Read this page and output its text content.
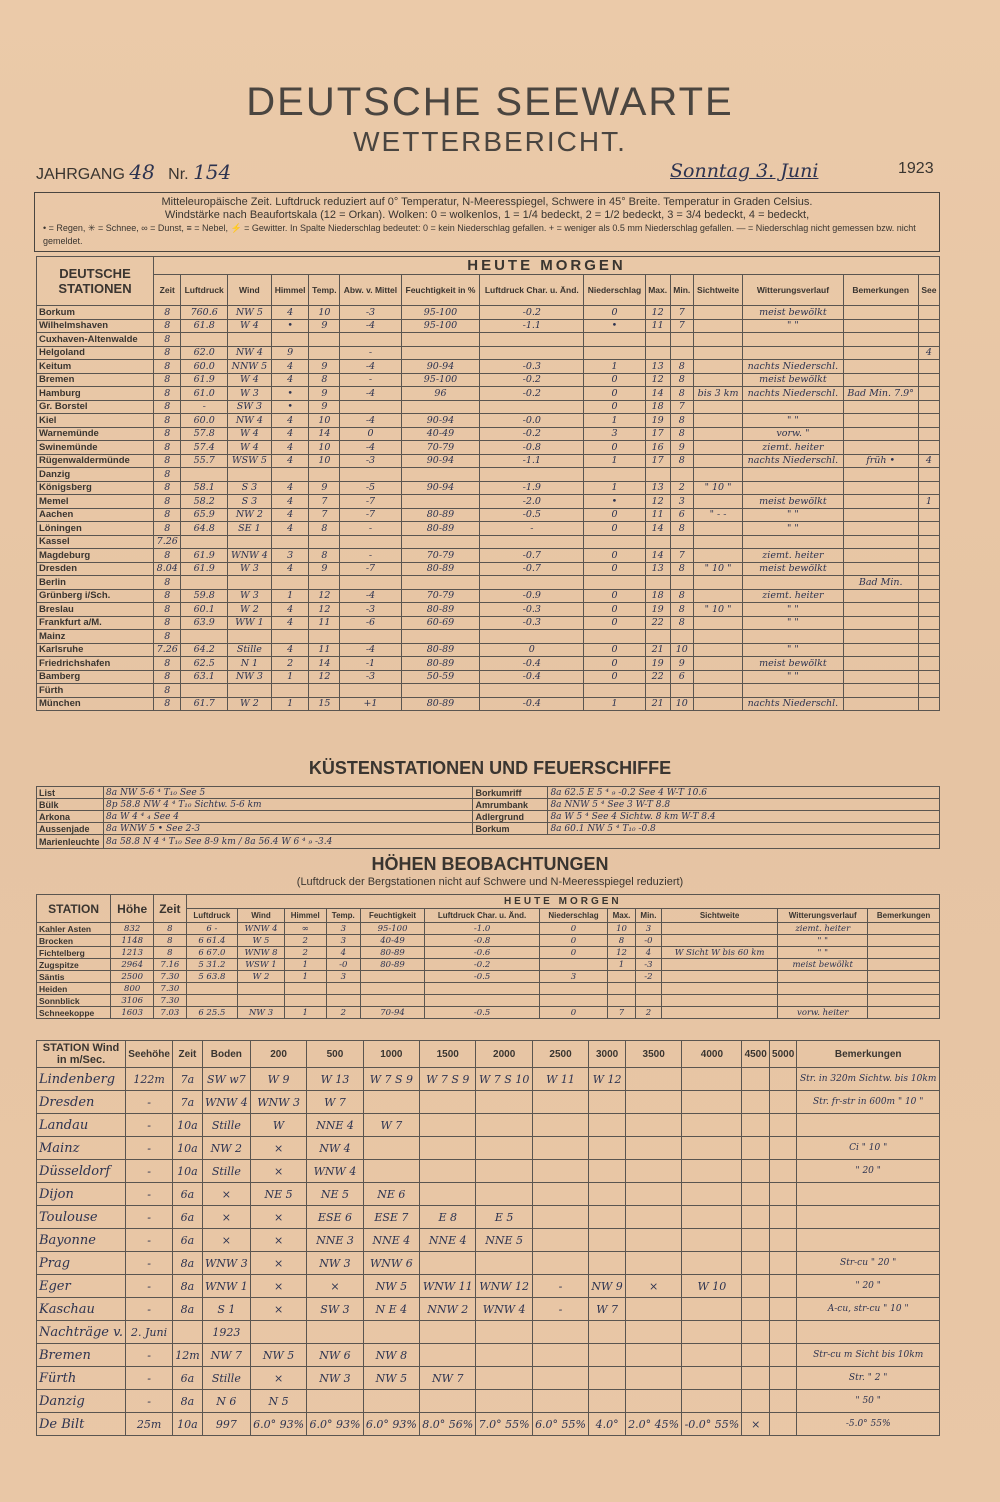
DEUTSCHE SEEWARTE
WETTERBERICHT.
JAHRGANG 48 Nr. 154	Sonntag 3. Juni	1923
Mitteleuropäische Zeit. Luftdruck reduziert auf 0° Temperatur, N-Meeresspiegel, Schwere in 45° Breite. Temperatur in Graden Celsius.
Windstärke nach Beaufortskala (12 = Orkan). Wolken: 0 = wolkenlos, 1 = 1/4 bedeckt, 2 = 1/2 bedeckt, 3 = 3/4 bedeckt, 4 = bedeckt,
• = Regen, ✳ = Schnee, ∞ = Dunst, ≡ = Nebel, ⚡ = Gewitter. In Spalte Niederschlag bedeutet: 0 = kein Niederschlag gefallen. + = weniger als 0.5 mm Niederschlag gefallen. — = Niederschlag nicht gemessen bzw. nicht gemeldet.
DEUTSCHE STATIONEN	HEUTE MORGEN														
	Zeit	Luftdruck	Wind	Himmel	Temp.	Abw. v. Mittel	Feuchtigkeit in %	Luftdruck Char. u. Änd.	Niederschlag	Max.	Min.	Sichtweite	Witterungsverlauf	Bemerkungen	See
Borkum	8	760.6	NW 5	4	10	-3	95-100	-0.2	0	12	7		meist bewölkt		
Wilhelmshaven	8	61.8	W 4	•	9	-4	95-100	-1.1	•	11	7		" "		
Cuxhaven-Altenwalde	8														
Helgoland	8	62.0	NW 4	9		-									4
Keitum	8	60.0	NNW 5	4	9	-4	90-94	-0.3	1	13	8		nachts Niederschl.		
Bremen	8	61.9	W 4	4	8	-	95-100	-0.2	0	12	8		meist bewölkt		
Hamburg	8	61.0	W 3	•	9	-4	96	-0.2	0	14	8	bis 3 km	nachts Niederschl.	Bad Min. 7.9°	
Gr. Borstel	8	-	SW 3	•	9				0	18	7				
Kiel	8	60.0	NW 4	4	10	-4	90-94	-0.0	1	19	8		" "		
Warnemünde	8	57.8	W 4	4	14	0	40-49	-0.2	3	17	8		vorw. "		
Swinemünde	8	57.4	W 4	4	10	-4	70-79	-0.8	0	16	9		ziemt. heiter		
Rügenwaldermünde	8	55.7	WSW 5	4	10	-3	90-94	-1.1	1	17	8		nachts Niederschl.	früh •	4
Danzig	8														
Königsberg	8	58.1	S 3	4	9	-5	90-94	-1.9	1	13	2	" 10 "			
Memel	8	58.2	S 3	4	7	-7		-2.0	•	12	3		meist bewölkt		1
Aachen	8	65.9	NW 2	4	7	-7	80-89	-0.5	0	11	6	" - -	" "		
Löningen	8	64.8	SE 1	4	8	-	80-89	-	0	14	8		" "		
Kassel	7.26														
Magdeburg	8	61.9	WNW 4	3	8	-	70-79	-0.7	0	14	7		ziemt. heiter		
Dresden	8.04	61.9	W 3	4	9	-7	80-89	-0.7	0	13	8	" 10 "	meist bewölkt		
Berlin	8													Bad Min.	
Grünberg i/Sch.	8	59.8	W 3	1	12	-4	70-79	-0.9	0	18	8		ziemt. heiter		
Breslau	8	60.1	W 2	4	12	-3	80-89	-0.3	0	19	8	" 10 "	" "		
Frankfurt a/M.	8	63.9	WW 1	4	11	-6	60-69	-0.3	0	22	8		" "		
Mainz	8														
Karlsruhe	7.26	64.2	Stille	4	11	-4	80-89	0	0	21	10		" "		
Friedrichshafen	8	62.5	N 1	2	14	-1	80-89	-0.4	0	19	9		meist bewölkt		
Bamberg	8	63.1	NW 3	1	12	-3	50-59	-0.4	0	22	6		" "		
Fürth	8														
München	8	61.7	W 2	1	15	+1	80-89	-0.4	1	21	10		nachts Niederschl.		
KÜSTENSTATIONEN UND FEUERSCHIFFE
List	8a NW 5-6 ⁴ T₁₀ See 5	Borkumriff	8a 62.5 E 5 ⁴ ₉ -0.2 See 4 W-T 10.6
Bülk	8p 58.8 NW 4 ⁴ T₁₀ Sichtw. 5-6 km	Amrumbank	8a NNW 5 ⁴ See 3 W-T 8.8
Arkona	8a W 4 ⁴ ₄ See 4	Adlergrund	8a W 5 ⁴ See 4 Sichtw. 8 km W-T 8.4
Aussenjade	8a WNW 5 • See 2-3	Borkum	8a 60.1 NW 5 ⁴ T₁₀ -0.8
Marienleuchte	8a 58.8 N 4 ⁴ T₁₀ See 8-9 km / 8a 56.4 W 6 ⁴ ₉ -3.4		
HÖHEN BEOBACHTUNGEN
(Luftdruck der Bergstationen nicht auf Schwere und N-Meeresspiegel reduziert)
STATION	Höhe	Zeit	HEUTE MORGEN											
			Luftdruck	Wind	Himmel	Temp.	Feuchtigkeit	Luftdruck Char. u. Änd.	Niederschlag	Max.	Min.	Sichtweite	Witterungsverlauf	Bemerkungen
Kahler Asten	832	8	6 -	WNW 4	∞	3	95-100	-1.0	0	10	3		ziemt. heiter	
Brocken	1148	8	6 61.4	W 5	2	3	40-49	-0.8	0	8	-0		" "	
Fichtelberg	1213	8	6 67.0	WNW 8	2	4	80-89	-0.6	0	12	4	W Sicht W bis 60 km	" "	
Zugspitze	2964	7.16	5 31.2	WSW 1	1	-0	80-89	-0.2		1	-3		meist bewölkt	
Säntis	2500	7.30	5 63.8	W 2	1	3		-0.5	3		-2			
Heiden	800	7.30												
Sonnblick	3106	7.30												
Schneekoppe	1603	7.03	6 25.5	NW 3	1	2	70-94	-0.5	0	7	2		vorw. heiter	
STATION Wind in m/Sec.	Seehöhe	Zeit	Boden	200	500	1000	1500	2000	2500	3000	3500	4000	4500	5000	Bemerkungen
Lindenberg	122m	7a	SW w7	W 9	W 13	W 7 S 9	W 7 S 9	W 7 S 10	W 11	W 12					Str. in 320m Sichtw. bis 10km
Dresden	-	7a	WNW 4	WNW 3	W 7										Str. fr-str in 600m " 10 "
Landau	-	10a	Stille	W	NNE 4	W 7									
Mainz	-	10a	NW 2	×	NW 4										Ci " 10 "
Düsseldorf	-	10a	Stille	×	WNW 4										" 20 "
Dijon	-	6a	×	NE 5	NE 5	NE 6									
Toulouse	-	6a	×	×	ESE 6	ESE 7	E 8	E 5							
Bayonne	-	6a	×	×	NNE 3	NNE 4	NNE 4	NNE 5							
Prag	-	8a	WNW 3	×	NW 3	WNW 6									Str-cu " 20 "
Eger	-	8a	WNW 1	×	×	NW 5	WNW 11	WNW 12	-	NW 9	×	W 10			" 20 "
Kaschau	-	8a	S 1	×	SW 3	N E 4	NNW 2	WNW 4	-	W 7					A-cu, str-cu " 10 "
Nachträge v.	2. Juni		1923												
Bremen	-	12m	NW 7	NW 5	NW 6	NW 8									Str-cu m Sicht bis 10km
Fürth	-	6a	Stille	×	NW 3	NW 5	NW 7								Str. " 2 "
Danzig	-	8a	N 6	N 5											" 50 "
De Bilt	25m	10a	997	6.0° 93%	6.0° 93%	6.0° 93%	8.0° 56%	7.0° 55%	6.0° 55%	4.0°	2.0° 45%	-0.0° 55%	×		-5.0° 55%
